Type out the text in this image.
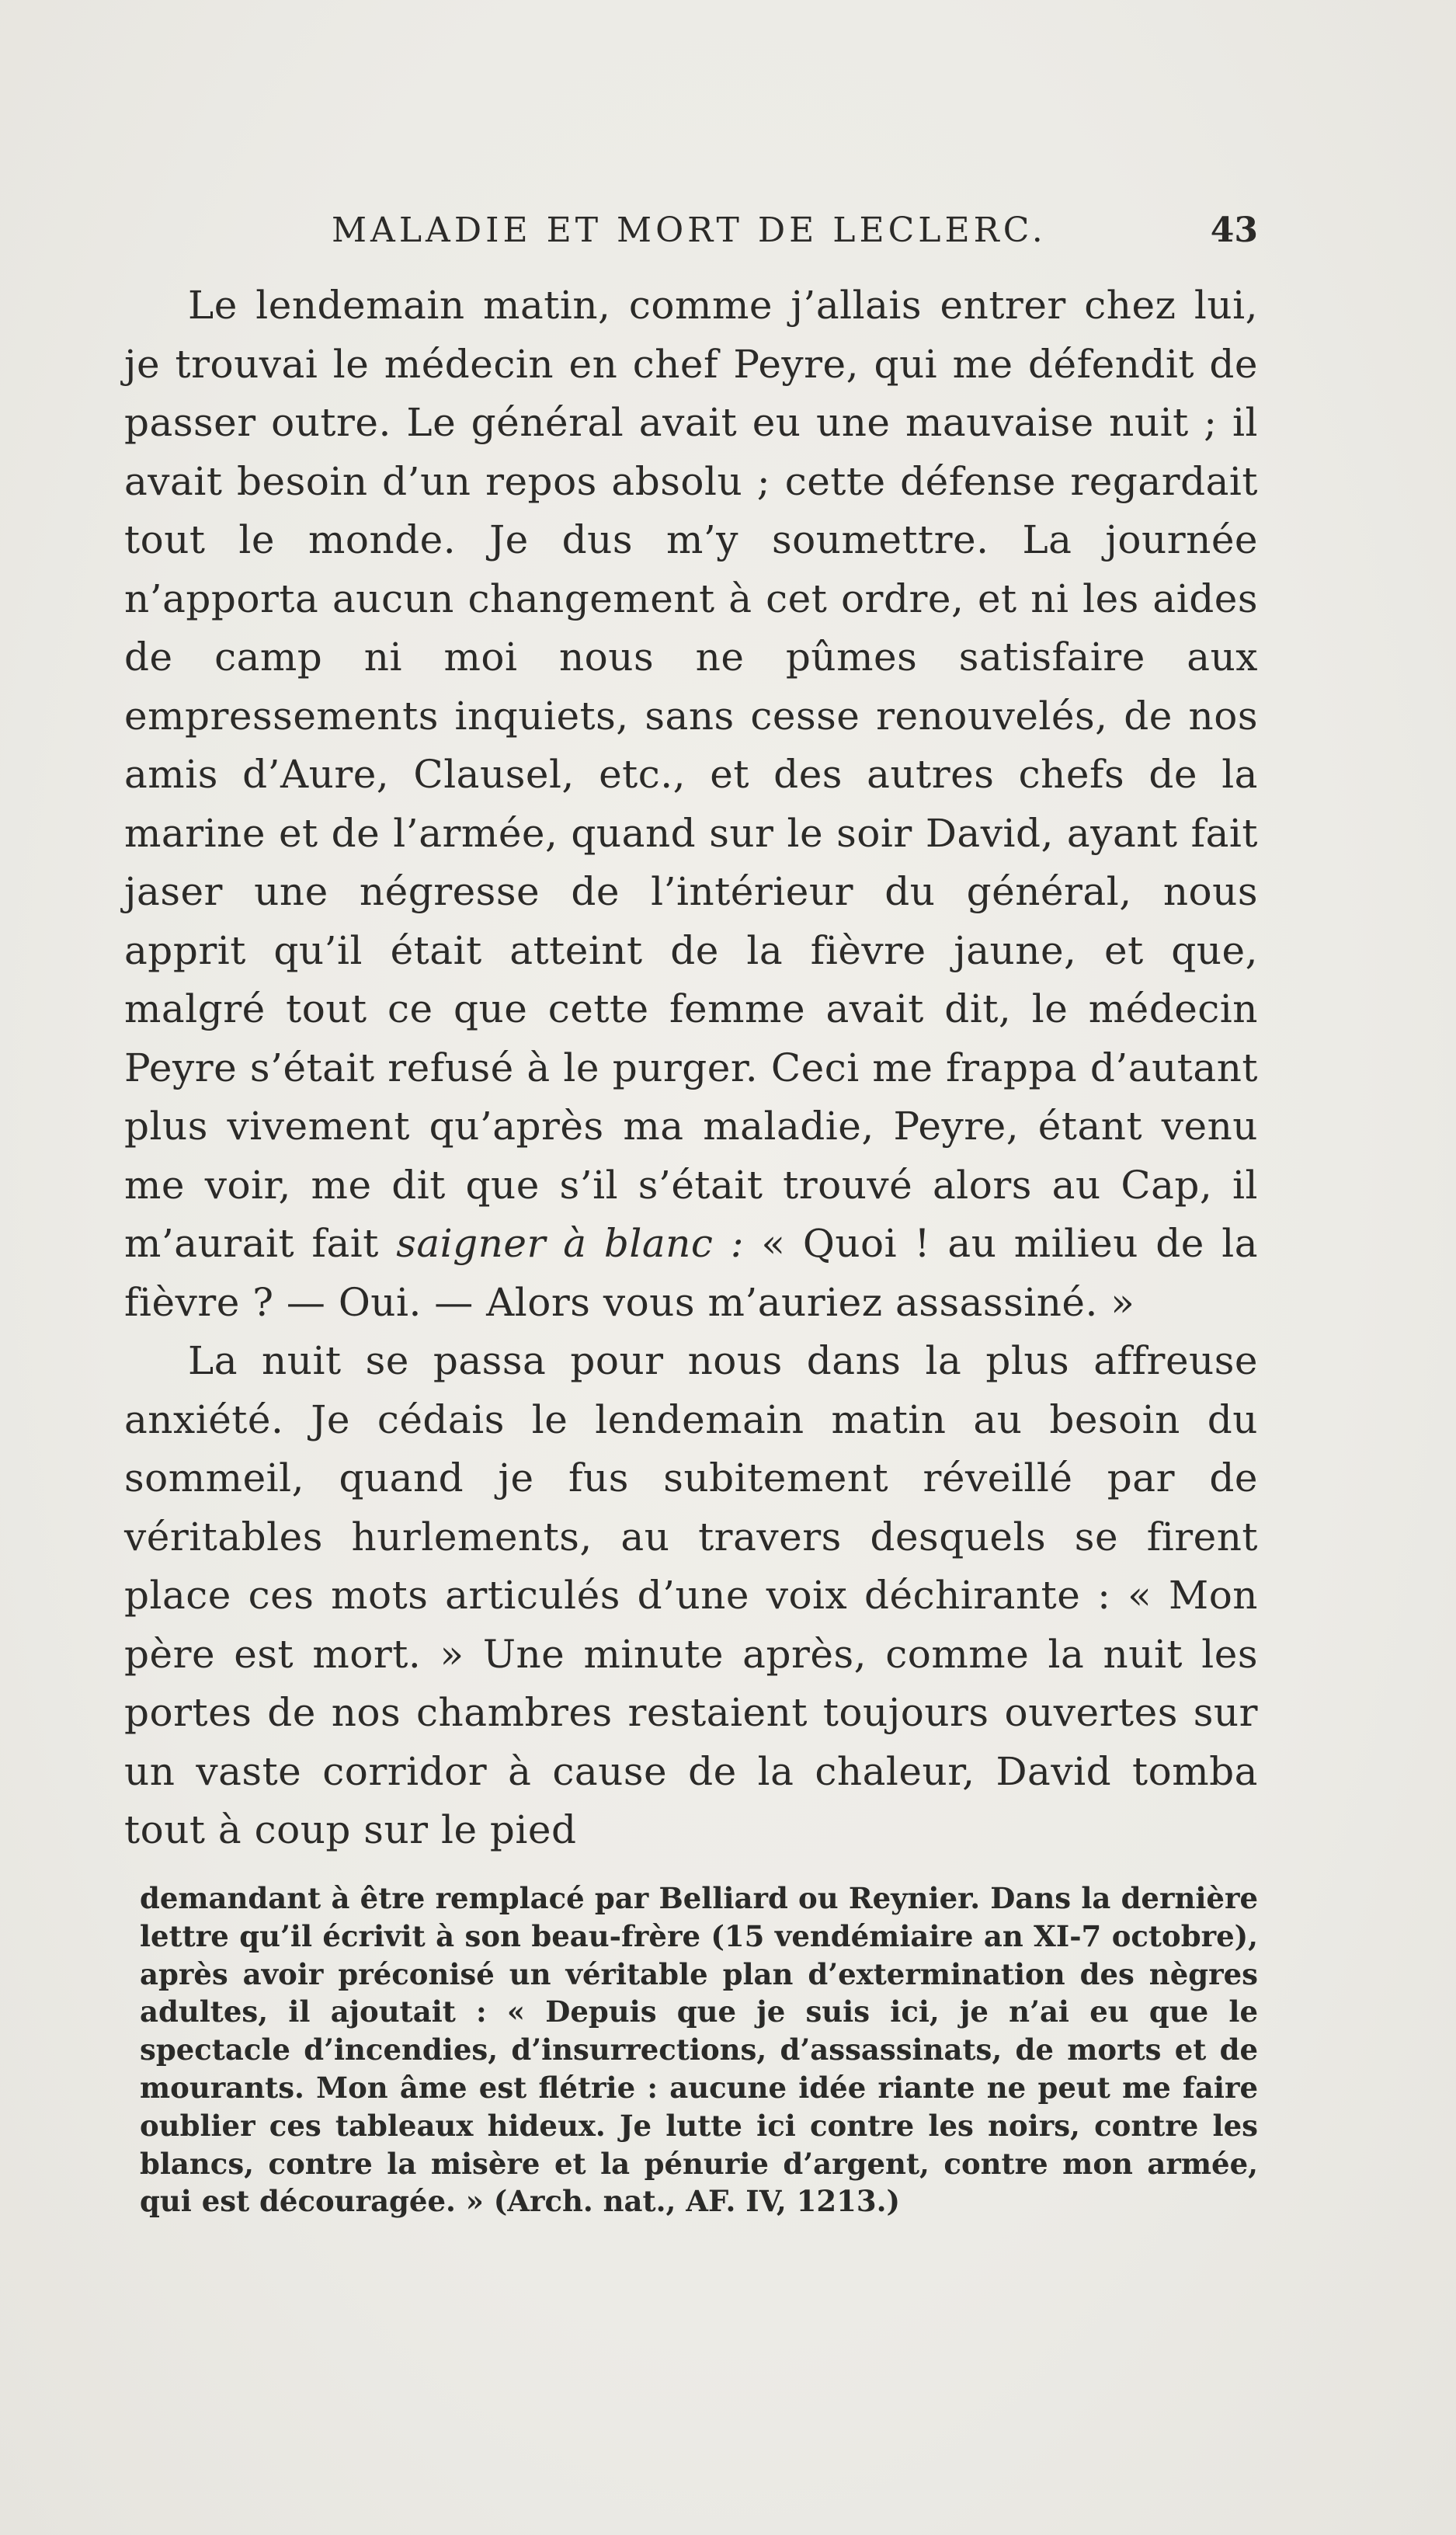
MALADIE ET MORT DE LECLERC.	43

Le lendemain matin, comme j’allais entrer chez lui, je trouvai le médecin en chef Peyre, qui me défendit de passer outre. Le général avait eu une mauvaise nuit ; il avait besoin d’un repos absolu ; cette défense regardait tout le monde. Je dus m’y soumettre. La journée n’apporta aucun changement à cet ordre, et ni les aides de camp ni moi nous ne pûmes satisfaire aux empressements inquiets, sans cesse renouvelés, de nos amis d’Aure, Clausel, etc., et des autres chefs de la marine et de l’armée, quand sur le soir David, ayant fait jaser une négresse de l’intérieur du général, nous apprit qu’il était atteint de la fièvre jaune, et que, malgré tout ce que cette femme avait dit, le médecin Peyre s’était refusé à le purger. Ceci me frappa d’autant plus vivement qu’après ma maladie, Peyre, étant venu me voir, me dit que s’il s’était trouvé alors au Cap, il m’aurait fait saigner à blanc : « Quoi ! au milieu de la fièvre ? — Oui. — Alors vous m’auriez assassiné. »

La nuit se passa pour nous dans la plus affreuse anxiété. Je cédais le lendemain matin au besoin du sommeil, quand je fus subitement réveillé par de véritables hurlements, au travers desquels se firent place ces mots articulés d’une voix déchirante : « Mon père est mort. » Une minute après, comme la nuit les portes de nos chambres restaient toujours ouvertes sur un vaste corridor à cause de la chaleur, David tomba tout à coup sur le pied

demandant à être remplacé par Belliard ou Reynier. Dans la dernière lettre qu’il écrivit à son beau-frère (15 vendémiaire an XI-7 octobre), après avoir préconisé un véritable plan d’extermination des nègres adultes, il ajoutait : « Depuis que je suis ici, je n’ai eu que le spectacle d’incendies, d’insurrections, d’assassinats, de morts et de mourants. Mon âme est flétrie : aucune idée riante ne peut me faire oublier ces tableaux hideux. Je lutte ici contre les noirs, contre les blancs, contre la misère et la pénurie d’argent, contre mon armée, qui est découragée. » (Arch. nat., AF. IV, 1213.)
